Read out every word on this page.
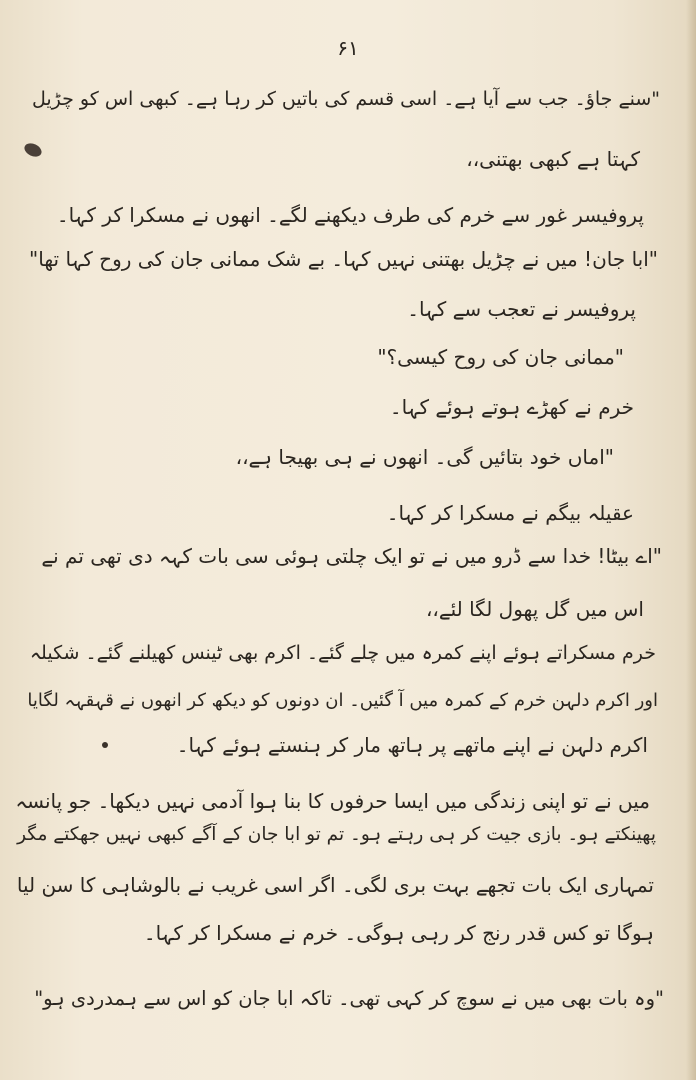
۶۱
"سنے جاؤ۔ جب سے آیا ہے۔ اسی قسم کی باتیں کر رہا ہے۔ کبھی اس کو چڑیل
کہتا ہے کبھی بھتنی،،
پروفیسر غور سے خرم کی طرف دیکھنے لگے۔ انھوں نے مسکرا کر کہا۔
"ابا جان! میں نے چڑیل بھتنی نہیں کہا۔ بے شک ممانی جان کی روح کہا تھا"
پروفیسر نے تعجب سے کہا۔
"ممانی جان کی روح کیسی؟"
خرم نے کھڑے ہوتے ہوئے کہا۔
"اماں خود بتائیں گی۔ انھوں نے ہی بھیجا ہے،،
عقیلہ بیگم نے مسکرا کر کہا۔
"اے بیٹا! خدا سے ڈرو میں نے تو ایک چلتی ہوئی سی بات کہہ دی تھی تم نے
اس میں گل پھول لگا لئے،،
خرم مسکراتے ہوئے اپنے کمرہ میں چلے گئے۔ اکرم بھی ٹینس کھیلنے گئے۔ شکیلہ
اور اکرم دلہن خرم کے کمرہ میں آ گئیں۔ ان دونوں کو دیکھ کر انھوں نے قہقہہ لگایا
اکرم دلہن نے اپنے ماتھے پر ہاتھ مار کر ہنستے ہوئے کہا۔
میں نے تو اپنی زندگی میں ایسا حرفوں کا بنا ہوا آدمی نہیں دیکھا۔ جو پانسہ
پھینکتے ہو۔ بازی جیت کر ہی رہتے ہو۔ تم تو ابا جان کے آگے کبھی نہیں جھکتے مگر
تمہاری ایک بات تجھے بہت بری لگی۔ اگر اسی غریب نے بالوشاہی کا سن لیا
ہوگا تو کس قدر رنج کر رہی ہوگی۔ خرم نے مسکرا کر کہا۔
"وہ بات بھی میں نے سوچ کر کہی تھی۔ تاکہ ابا جان کو اس سے ہمدردی ہو"
